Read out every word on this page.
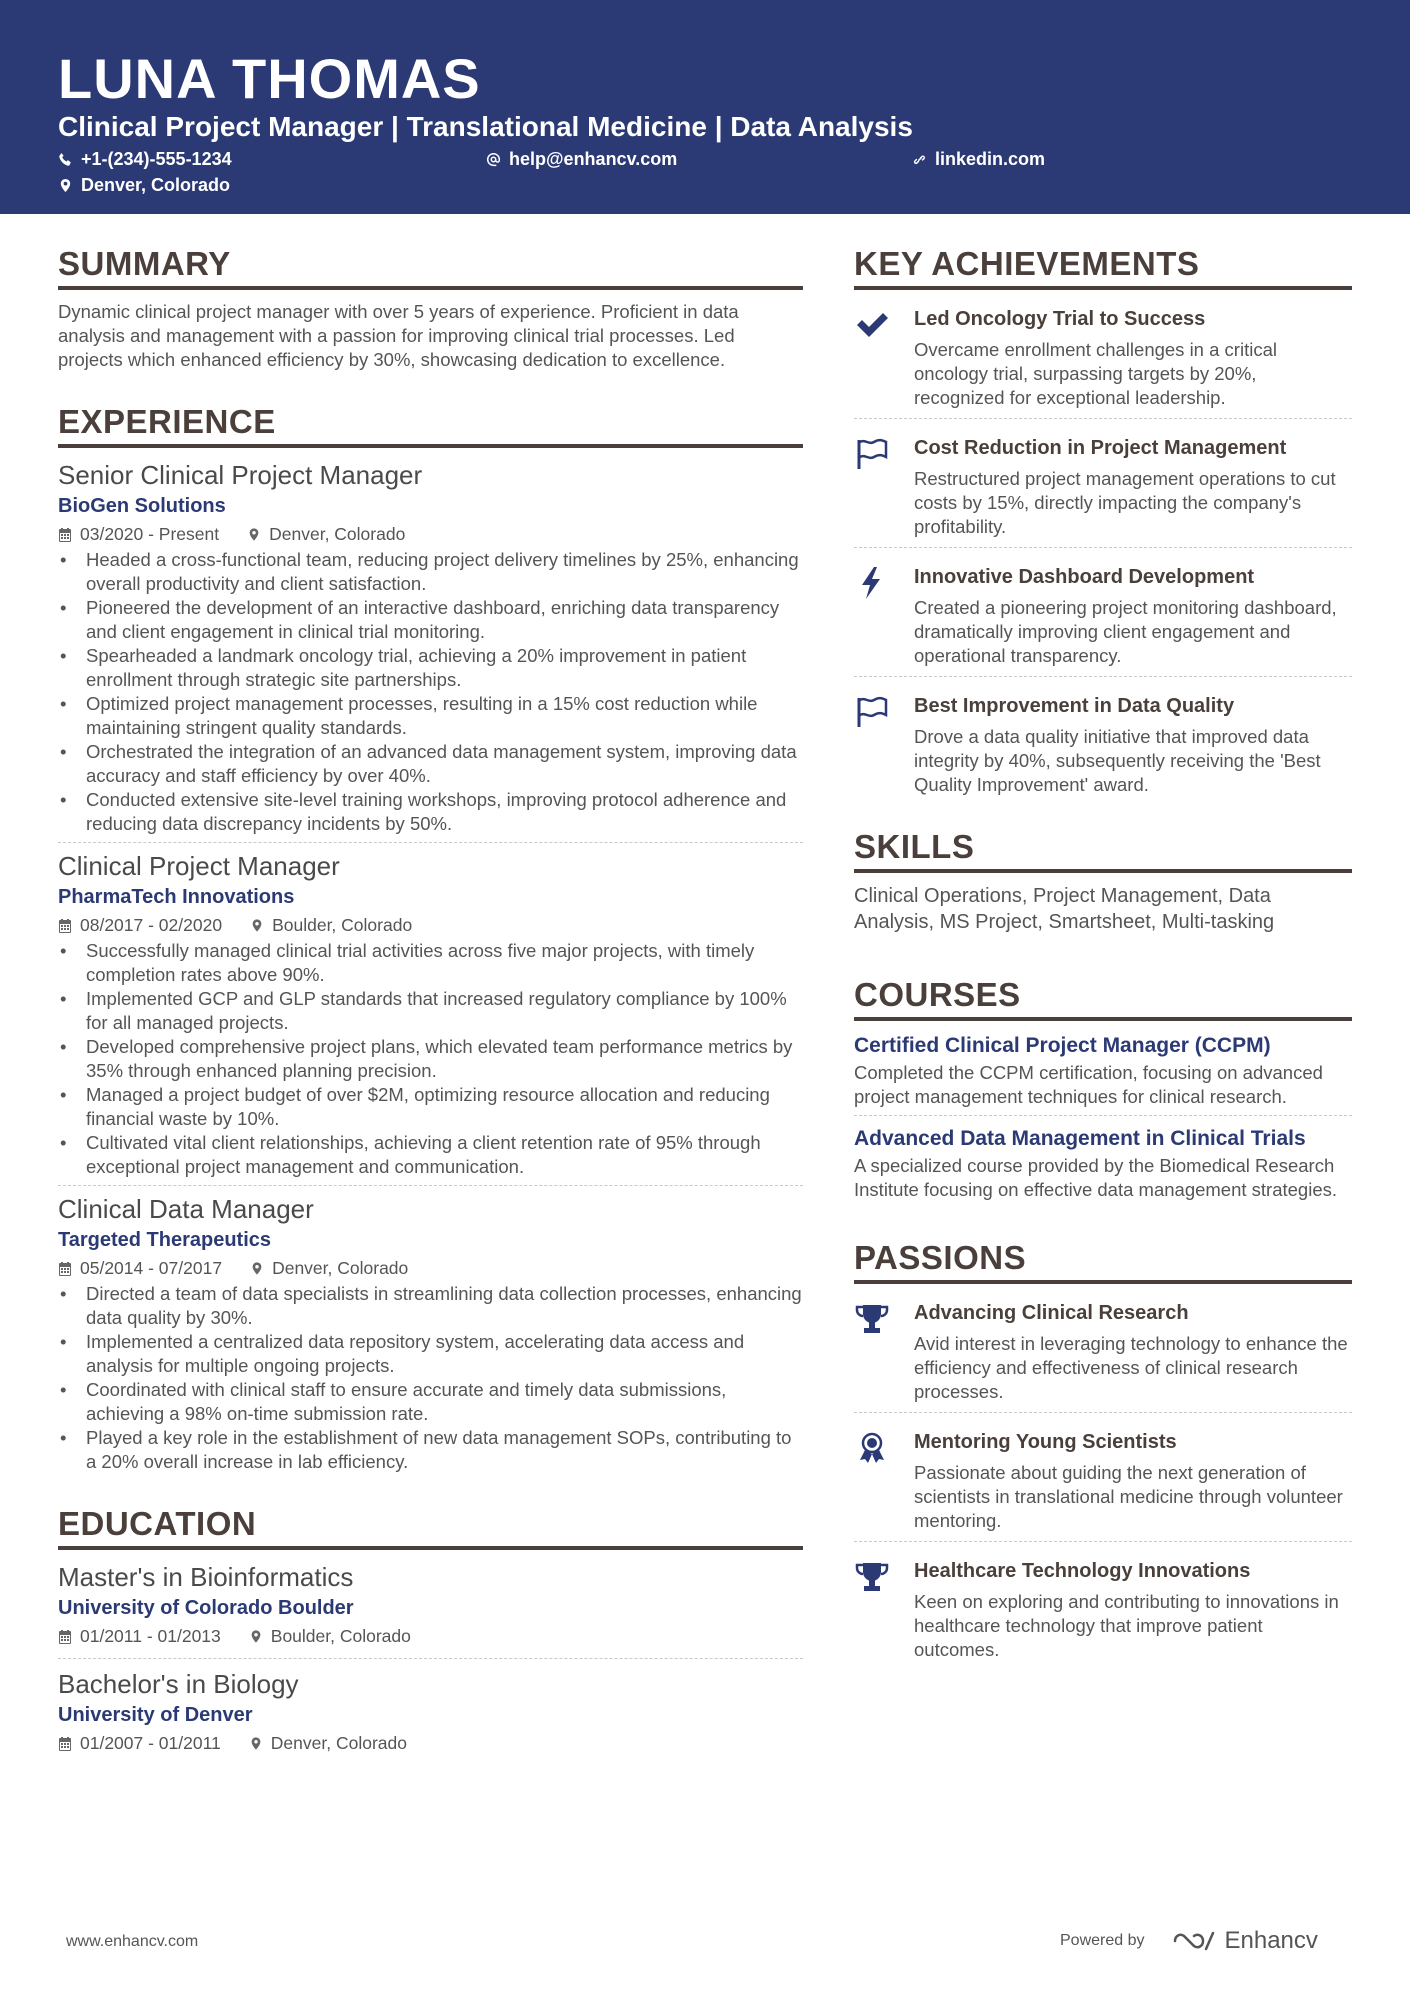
LUNA THOMAS
Clinical Project Manager | Translational Medicine | Data Analysis
+1-(234)-555-1234	help@enhancv.com	linkedin.com
Denver, Colorado
SUMMARY
Dynamic clinical project manager with over 5 years of experience. Proficient in data analysis and management with a passion for improving clinical trial processes. Led projects which enhanced efficiency by 30%, showcasing dedication to excellence.
EXPERIENCE
Senior Clinical Project Manager
BioGen Solutions
03/2020 - Present	Denver, Colorado
• Headed a cross-functional team, reducing project delivery timelines by 25%, enhancing overall productivity and client satisfaction.
• Pioneered the development of an interactive dashboard, enriching data transparency and client engagement in clinical trial monitoring.
• Spearheaded a landmark oncology trial, achieving a 20% improvement in patient enrollment through strategic site partnerships.
• Optimized project management processes, resulting in a 15% cost reduction while maintaining stringent quality standards.
• Orchestrated the integration of an advanced data management system, improving data accuracy and staff efficiency by over 40%.
• Conducted extensive site-level training workshops, improving protocol adherence and reducing data discrepancy incidents by 50%.
Clinical Project Manager
PharmaTech Innovations
08/2017 - 02/2020	Boulder, Colorado
• Successfully managed clinical trial activities across five major projects, with timely completion rates above 90%.
• Implemented GCP and GLP standards that increased regulatory compliance by 100% for all managed projects.
• Developed comprehensive project plans, which elevated team performance metrics by 35% through enhanced planning precision.
• Managed a project budget of over $2M, optimizing resource allocation and reducing financial waste by 10%.
• Cultivated vital client relationships, achieving a client retention rate of 95% through exceptional project management and communication.
Clinical Data Manager
Targeted Therapeutics
05/2014 - 07/2017	Denver, Colorado
• Directed a team of data specialists in streamlining data collection processes, enhancing data quality by 30%.
• Implemented a centralized data repository system, accelerating data access and analysis for multiple ongoing projects.
• Coordinated with clinical staff to ensure accurate and timely data submissions, achieving a 98% on-time submission rate.
• Played a key role in the establishment of new data management SOPs, contributing to a 20% overall increase in lab efficiency.
EDUCATION
Master's in Bioinformatics
University of Colorado Boulder
01/2011 - 01/2013	Boulder, Colorado
Bachelor's in Biology
University of Denver
01/2007 - 01/2011	Denver, Colorado
KEY ACHIEVEMENTS
Led Oncology Trial to Success
Overcame enrollment challenges in a critical oncology trial, surpassing targets by 20%, recognized for exceptional leadership.
Cost Reduction in Project Management
Restructured project management operations to cut costs by 15%, directly impacting the company's profitability.
Innovative Dashboard Development
Created a pioneering project monitoring dashboard, dramatically improving client engagement and operational transparency.
Best Improvement in Data Quality
Drove a data quality initiative that improved data integrity by 40%, subsequently receiving the 'Best Quality Improvement' award.
SKILLS
Clinical Operations, Project Management, Data Analysis, MS Project, Smartsheet, Multi-tasking
COURSES
Certified Clinical Project Manager (CCPM)
Completed the CCPM certification, focusing on advanced project management techniques for clinical research.
Advanced Data Management in Clinical Trials
A specialized course provided by the Biomedical Research Institute focusing on effective data management strategies.
PASSIONS
Advancing Clinical Research
Avid interest in leveraging technology to enhance the efficiency and effectiveness of clinical research processes.
Mentoring Young Scientists
Passionate about guiding the next generation of scientists in translational medicine through volunteer mentoring.
Healthcare Technology Innovations
Keen on exploring and contributing to innovations in healthcare technology that improve patient outcomes.
www.enhancv.com	Powered by	Enhancv
